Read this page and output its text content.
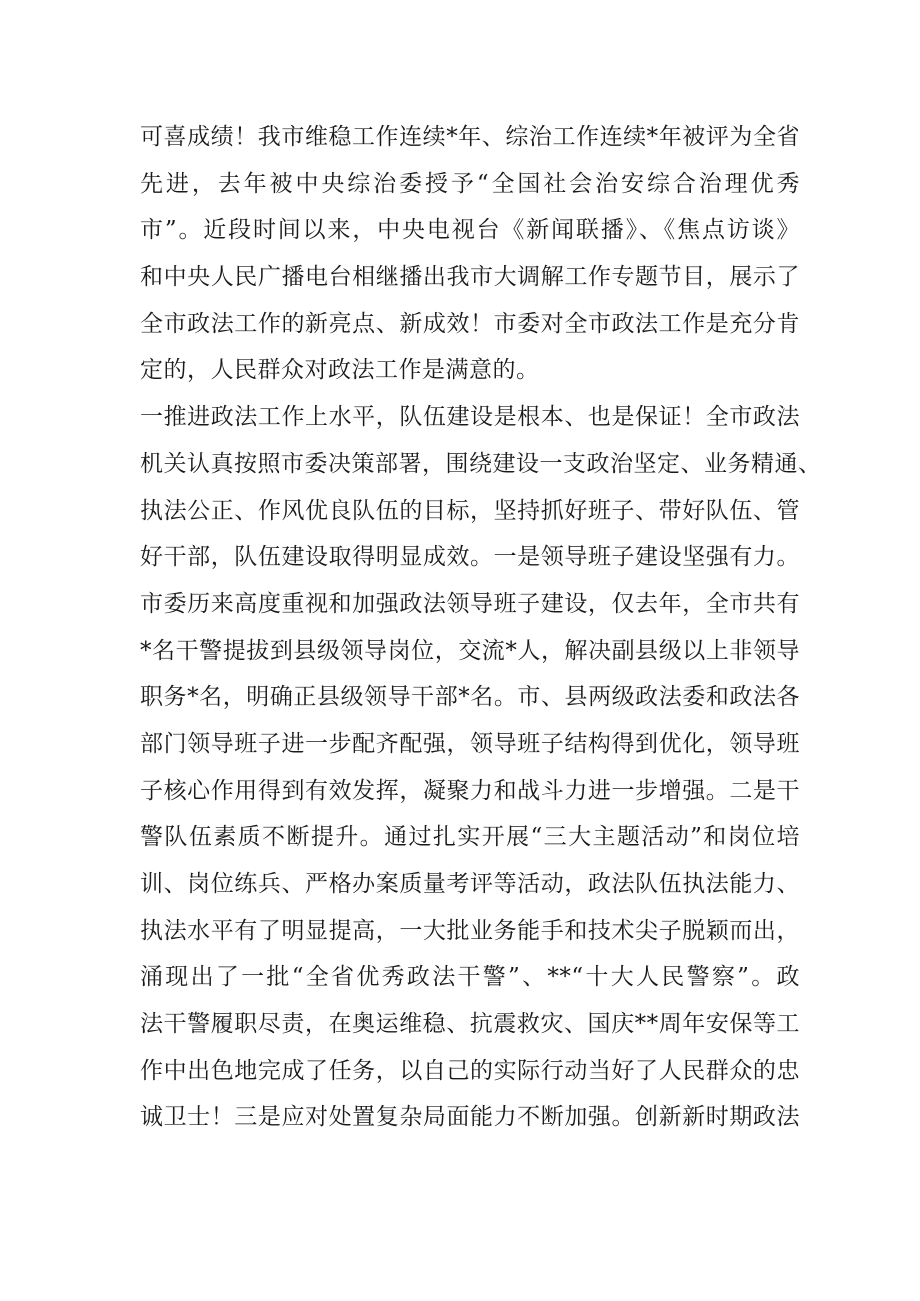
可喜成绩！我市维稳工作连续*年、综治工作连续*年被评为全省
先进，去年被中央综治委授予“全国社会治安综合治理优秀
市”。近段时间以来，中央电视台《新闻联播》、《焦点访谈》
和中央人民广播电台相继播出我市大调解工作专题节目，展示了
全市政法工作的新亮点、新成效！市委对全市政法工作是充分肯
定的，人民群众对政法工作是满意的。
一推进政法工作上水平，队伍建设是根本、也是保证！全市政法
机关认真按照市委决策部署，围绕建设一支政治坚定、业务精通、
执法公正、作风优良队伍的目标，坚持抓好班子、带好队伍、管
好干部，队伍建设取得明显成效。一是领导班子建设坚强有力。
市委历来高度重视和加强政法领导班子建设，仅去年，全市共有
*名干警提拔到县级领导岗位，交流*人，解决副县级以上非领导
职务*名，明确正县级领导干部*名。市、县两级政法委和政法各
部门领导班子进一步配齐配强，领导班子结构得到优化，领导班
子核心作用得到有效发挥，凝聚力和战斗力进一步增强。二是干
警队伍素质不断提升。通过扎实开展“三大主题活动”和岗位培
训、岗位练兵、严格办案质量考评等活动，政法队伍执法能力、
执法水平有了明显提高，一大批业务能手和技术尖子脱颖而出，
涌现出了一批“全省优秀政法干警”、**“十大人民警察”。政
法干警履职尽责，在奥运维稳、抗震救灾、国庆**周年安保等工
作中出色地完成了任务，以自己的实际行动当好了人民群众的忠
诚卫士！三是应对处置复杂局面能力不断加强。创新新时期政法
